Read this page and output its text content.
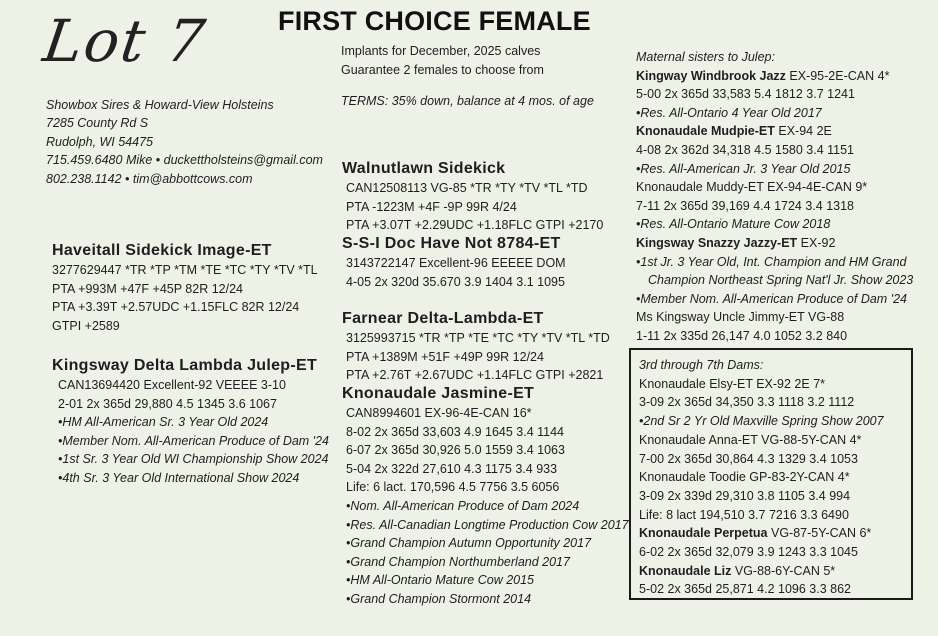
Lot 7 FIRST CHOICE FEMALE
Showbox Sires & Howard-View Holsteins
7285 County Rd S
Rudolph, WI 54475
715.459.6480 Mike • duckettholsteins@gmail.com
802.238.1142 • tim@abbottcows.com
Implants for December, 2025 calves
Guarantee 2 females to choose from
TERMS: 35% down, balance at 4 mos. of age
Haveitall Sidekick Image-ET
3277629447 *TR *TP *TM *TE *TC *TY *TV *TL
PTA +993M +47F +45P 82R 12/24
PTA +3.39T +2.57UDC +1.15FLC 82R 12/24
GTPI +2589
Kingsway Delta Lambda Julep-ET
CAN13694420 Excellent-92 VEEEE 3-10
2-01 2x 365d 29,880 4.5 1345 3.6 1067
•HM All-American Sr. 3 Year Old 2024
•Member Nom. All-American Produce of Dam '24
•1st Sr. 3 Year Old WI Championship Show 2024
•4th Sr. 3 Year Old International Show 2024
Walnutlawn Sidekick
CAN12508113 VG-85 *TR *TY *TV *TL *TD
PTA -1223M +4F -9P 99R 4/24
PTA +3.07T +2.29UDC +1.18FLC GTPI +2170
S-S-I Doc Have Not 8784-ET
3143722147 Excellent-96 EEEEE DOM
4-05 2x 320d 35.670 3.9 1404 3.1 1095
Farnear Delta-Lambda-ET
3125993715 *TR *TP *TE *TC *TY *TV *TL *TD
PTA +1389M +51F +49P 99R 12/24
PTA +2.76T +2.67UDC +1.14FLC GTPI +2821
Knonaudale Jasmine-ET
CAN8994601 EX-96-4E-CAN 16*
8-02 2x 365d 33,603 4.9 1645 3.4 1144
6-07 2x 365d 30,926 5.0 1559 3.4 1063
5-04 2x 322d 27,610 4.3 1175 3.4 933
Life: 6 lact. 170,596 4.5 7756 3.5 6056
•Nom. All-American Produce of Dam 2024
•Res. All-Canadian Longtime Production Cow 2017
•Grand Champion Autumn Opportunity 2017
•Grand Champion Northumberland 2017
•HM All-Ontario Mature Cow 2015
•Grand Champion Stormont 2014
Maternal sisters to Julep:
Kingway Windbrook Jazz EX-95-2E-CAN 4*
5-00 2x 365d 33,583 5.4 1812 3.7 1241
•Res. All-Ontario 4 Year Old 2017
Knonaudale Mudpie-ET EX-94 2E
4-08 2x 362d 34,318 4.5 1580 3.4 1151
•Res. All-American Jr. 3 Year Old 2015
Knonaudale Muddy-ET EX-94-4E-CAN 9*
7-11 2x 365d 39,169 4.4 1724 3.4 1318
•Res. All-Ontario Mature Cow 2018
Kingsway Snazzy Jazzy-ET EX-92
•1st Jr. 3 Year Old, Int. Champion and HM Grand
Champion Northeast Spring Nat'l Jr. Show 2023
•Member Nom. All-American Produce of Dam '24
Ms Kingsway Uncle Jimmy-ET VG-88
1-11 2x 335d 26,147 4.0 1052 3.2 840
3rd through 7th Dams:
Knonaudale Elsy-ET EX-92 2E 7*
3-09 2x 365d 34,350 3.3 1118 3.2 1112
•2nd Sr 2 Yr Old Maxville Spring Show 2007
Knonaudale Anna-ET VG-88-5Y-CAN 4*
7-00 2x 365d 30,864 4.3 1329 3.4 1053
Knonaudale Toodie GP-83-2Y-CAN 4*
3-09 2x 339d 29,310 3.8 1105 3.4 994
Life: 8 lact 194,510 3.7 7216 3.3 6490
Knonaudale Perpetua VG-87-5Y-CAN 6*
6-02 2x 365d 32,079 3.9 1243 3.3 1045
Knonaudale Liz VG-88-6Y-CAN 5*
5-02 2x 365d 25,871 4.2 1096 3.3 862
